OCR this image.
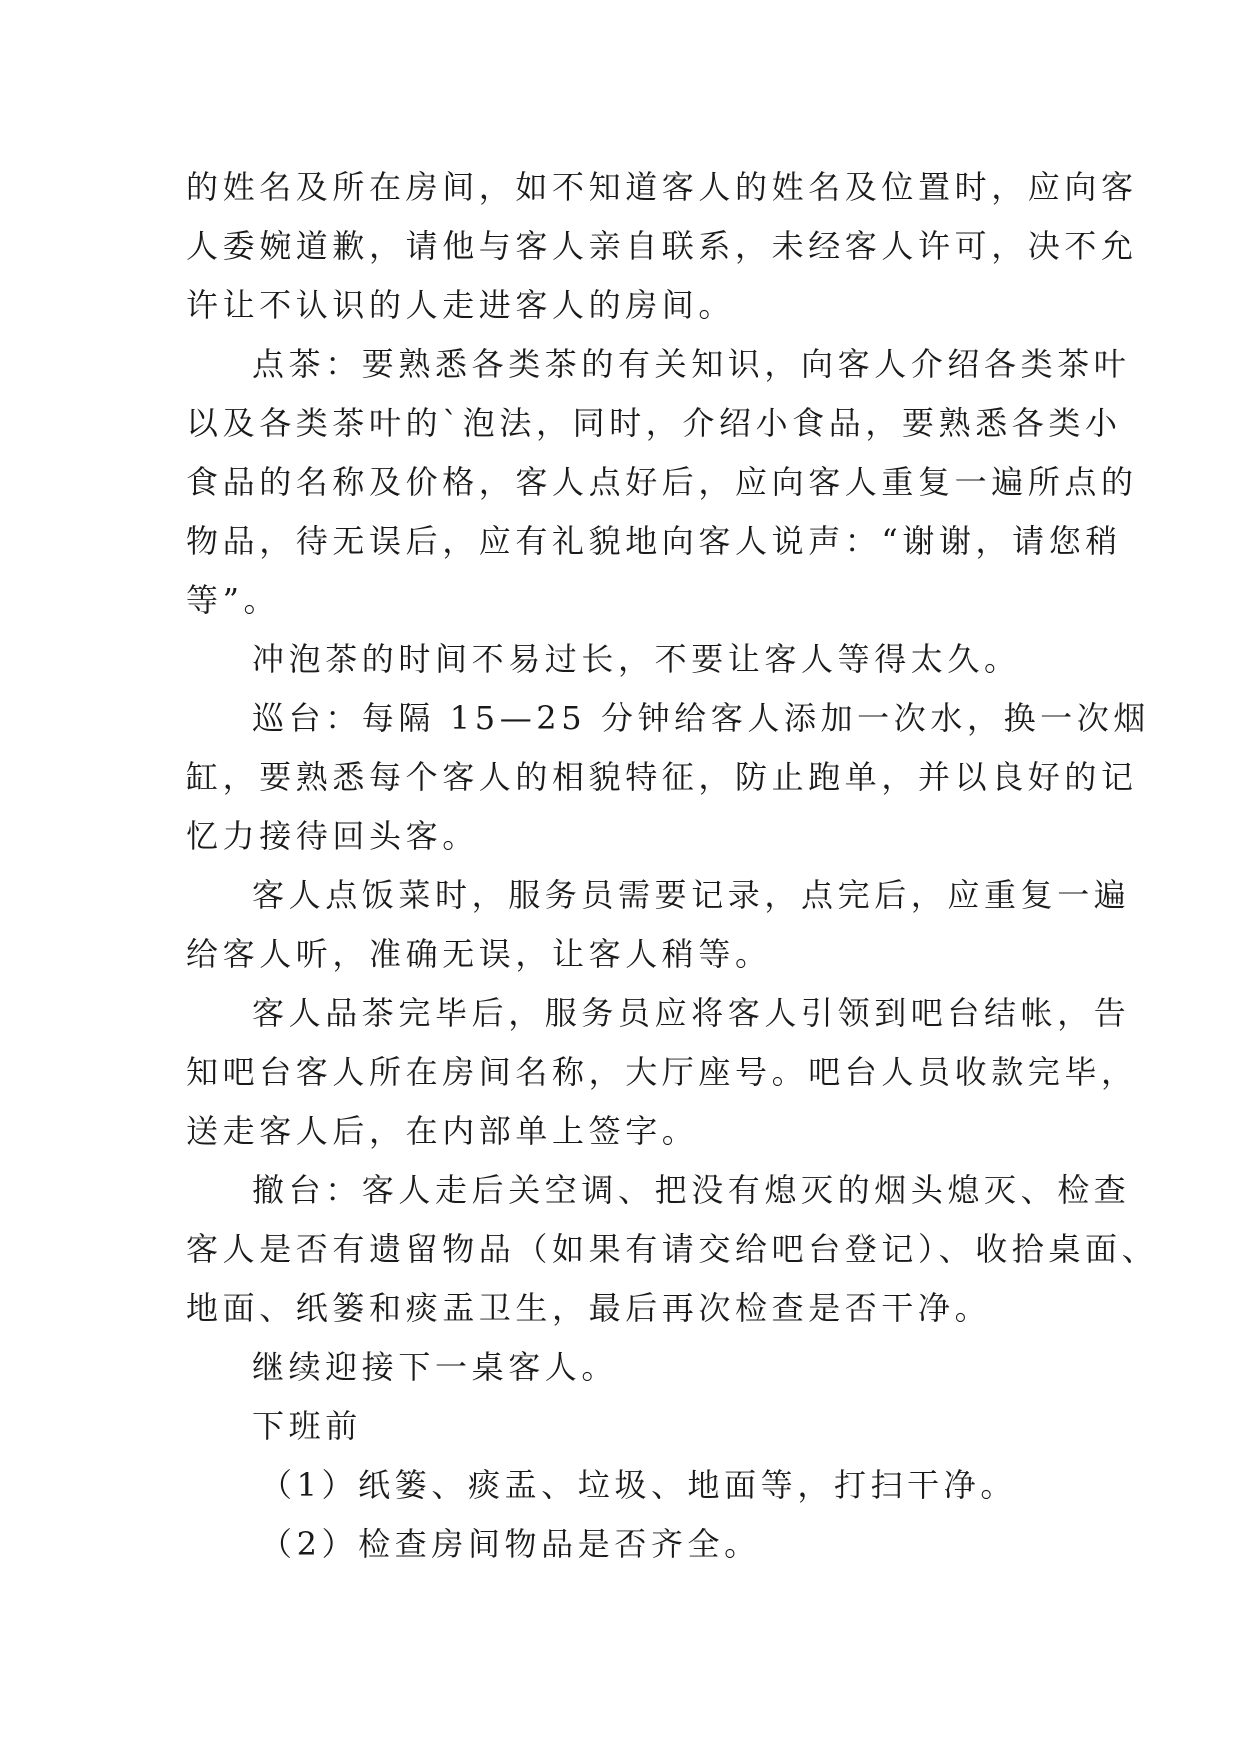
的姓名及所在房间，如不知道客人的姓名及位置时，应向客
人委婉道歉，请他与客人亲自联系，未经客人许可，决不允
许让不认识的人走进客人的房间。
点茶：要熟悉各类茶的有关知识，向客人介绍各类茶叶
以及各类茶叶的`泡法，同时，介绍小食品，要熟悉各类小
食品的名称及价格，客人点好后，应向客人重复一遍所点的
物品，待无误后，应有礼貌地向客人说声：“谢谢，请您稍
等”。
冲泡茶的时间不易过长，不要让客人等得太久。
巡台：每隔 15—25 分钟给客人添加一次水，换一次烟
缸，要熟悉每个客人的相貌特征，防止跑单，并以良好的记
忆力接待回头客。
客人点饭菜时，服务员需要记录，点完后，应重复一遍
给客人听，准确无误，让客人稍等。
客人品茶完毕后，服务员应将客人引领到吧台结帐，告
知吧台客人所在房间名称，大厅座号。吧台人员收款完毕，
送走客人后，在内部单上签字。
撤台：客人走后关空调、把没有熄灭的烟头熄灭、检查
客人是否有遗留物品（如果有请交给吧台登记）、收拾桌面、
地面、纸篓和痰盂卫生，最后再次检查是否干净。
继续迎接下一桌客人。
下班前
（1）纸篓、痰盂、垃圾、地面等，打扫干净。
（2）检查房间物品是否齐全。
